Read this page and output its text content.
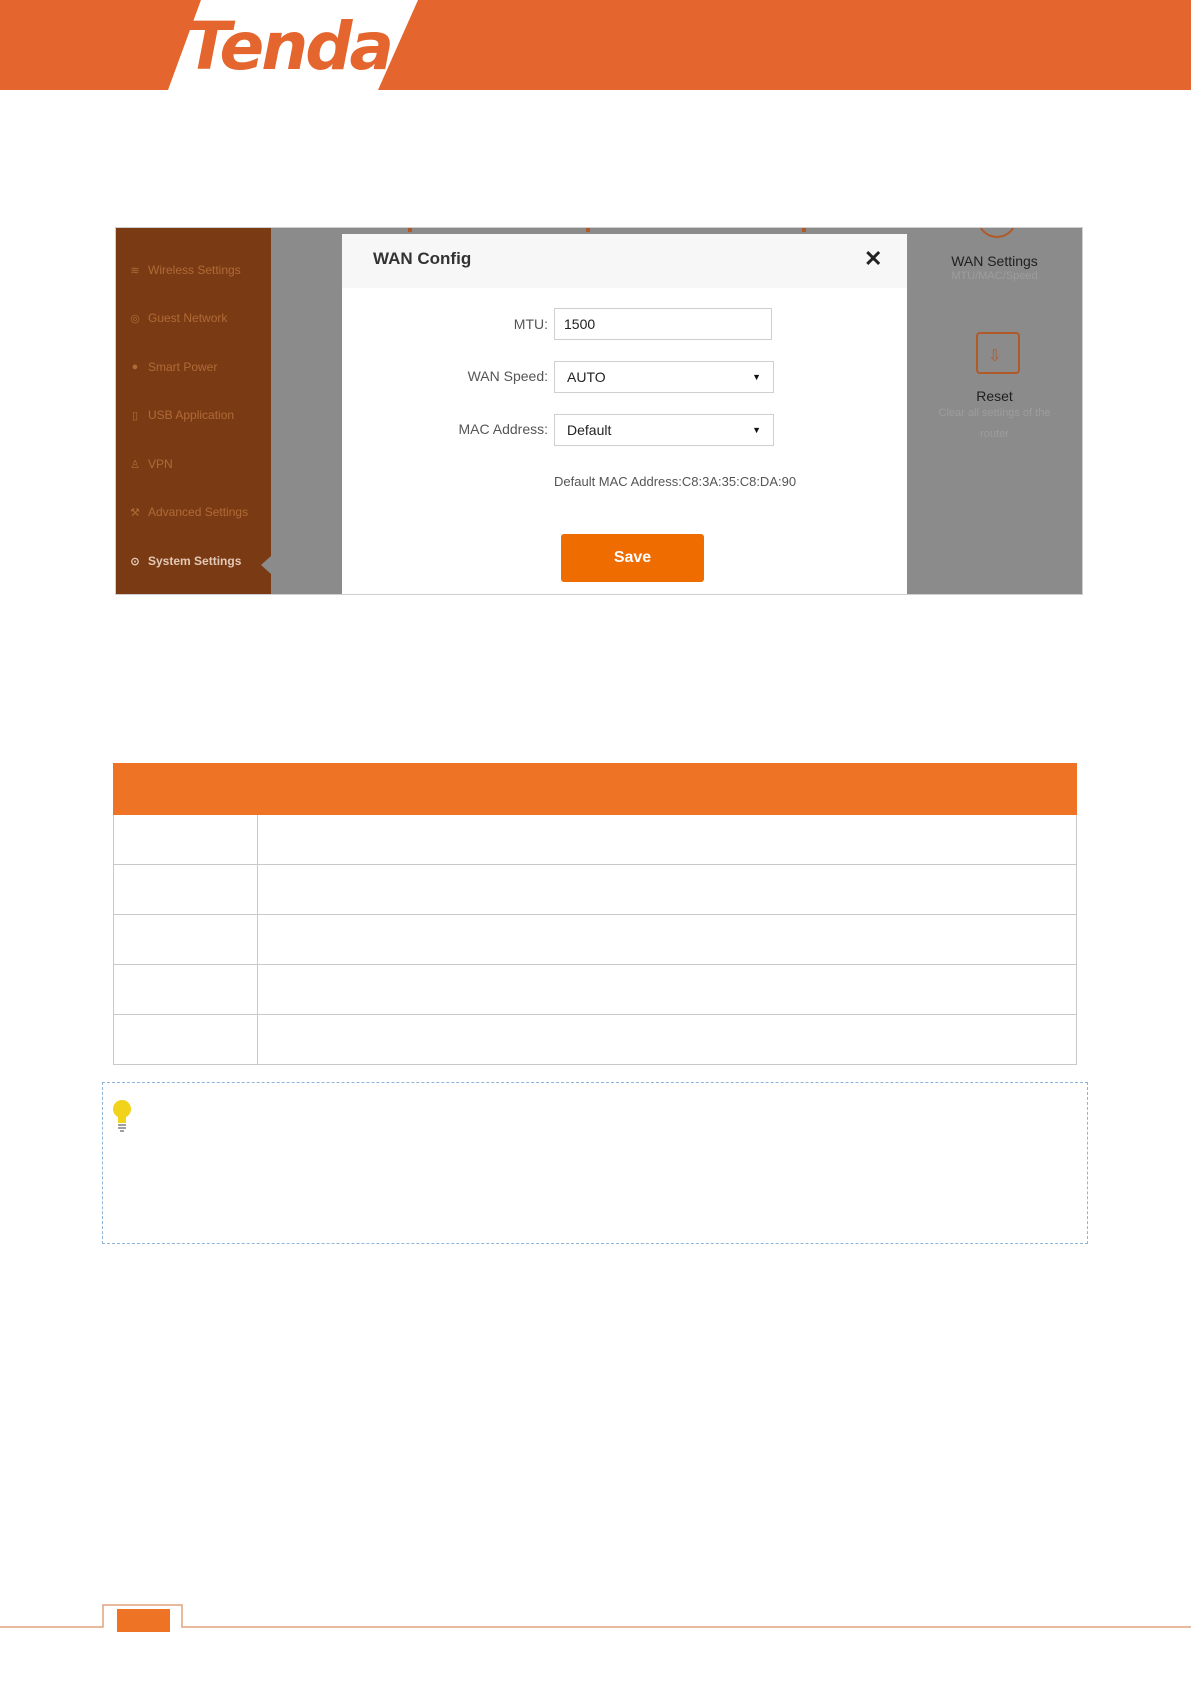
Tenda
≋ Wireless Settings
◎ Guest Network
● Smart Power
▯ USB Application
♙ VPN
⚒ Advanced Settings
⊙ System Settings
WAN Settings
MTU/MAC/Speed
⇩
Reset
Clear all settings of the
router
WAN Config	✕
MTU:
1500
WAN Speed: AUTO	▼
MAC Address: Default	▼
Default MAC Address:C8:3A:35:C8:DA:90
Save
